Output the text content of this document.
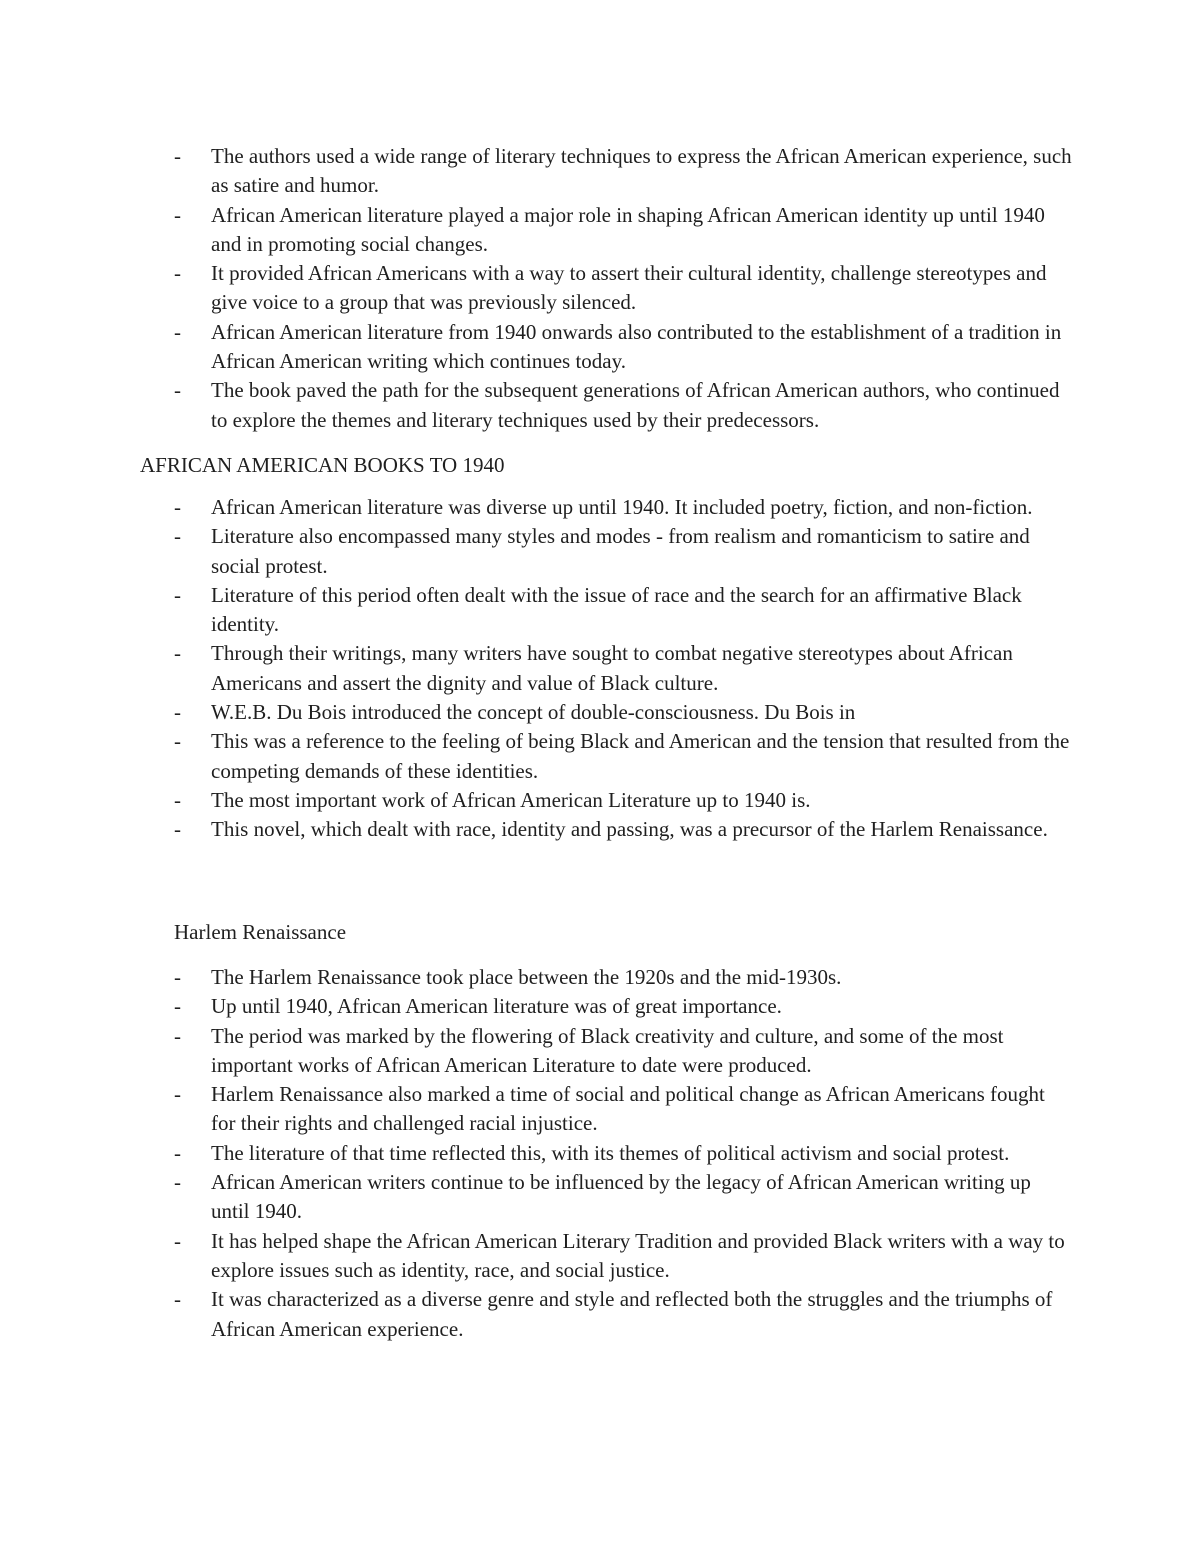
-	The authors used a wide range of literary techniques to express the African American experience, such as satire and humor.
-	African American literature played a major role in shaping African American identity up until 1940 and in promoting social changes.
-	It provided African Americans with a way to assert their cultural identity, challenge stereotypes and give voice to a group that was previously silenced.
-	African American literature from 1940 onwards also contributed to the establishment of a tradition in African American writing which continues today.
-	The book paved the path for the subsequent generations of African American authors, who continued to explore the themes and literary techniques used by their predecessors.
AFRICAN AMERICAN BOOKS TO 1940
-	African American literature was diverse up until 1940. It included poetry, fiction, and non-fiction.
-	Literature also encompassed many styles and modes - from realism and romanticism to satire and social protest.
-	Literature of this period often dealt with the issue of race and the search for an affirmative Black identity.
-	Through their writings, many writers have sought to combat negative stereotypes about African Americans and assert the dignity and value of Black culture.
-	W.E.B. Du Bois introduced the concept of double-consciousness. Du Bois in
-	This was a reference to the feeling of being Black and American and the tension that resulted from the competing demands of these identities.
-	The most important work of African American Literature up to 1940 is.
-	This novel, which dealt with race, identity and passing, was a precursor of the Harlem Renaissance.
Harlem Renaissance
-	The Harlem Renaissance took place between the 1920s and the mid-1930s.
-	Up until 1940, African American literature was of great importance.
-	The period was marked by the flowering of Black creativity and culture, and some of the most important works of African American Literature to date were produced.
-	Harlem Renaissance also marked a time of social and political change as African Americans fought for their rights and challenged racial injustice.
-	The literature of that time reflected this, with its themes of political activism and social protest.
-	African American writers continue to be influenced by the legacy of African American writing up until 1940.
-	It has helped shape the African American Literary Tradition and provided Black writers with a way to explore issues such as identity, race, and social justice.
-	It was characterized as a diverse genre and style and reflected both the struggles and the triumphs of African American experience.
